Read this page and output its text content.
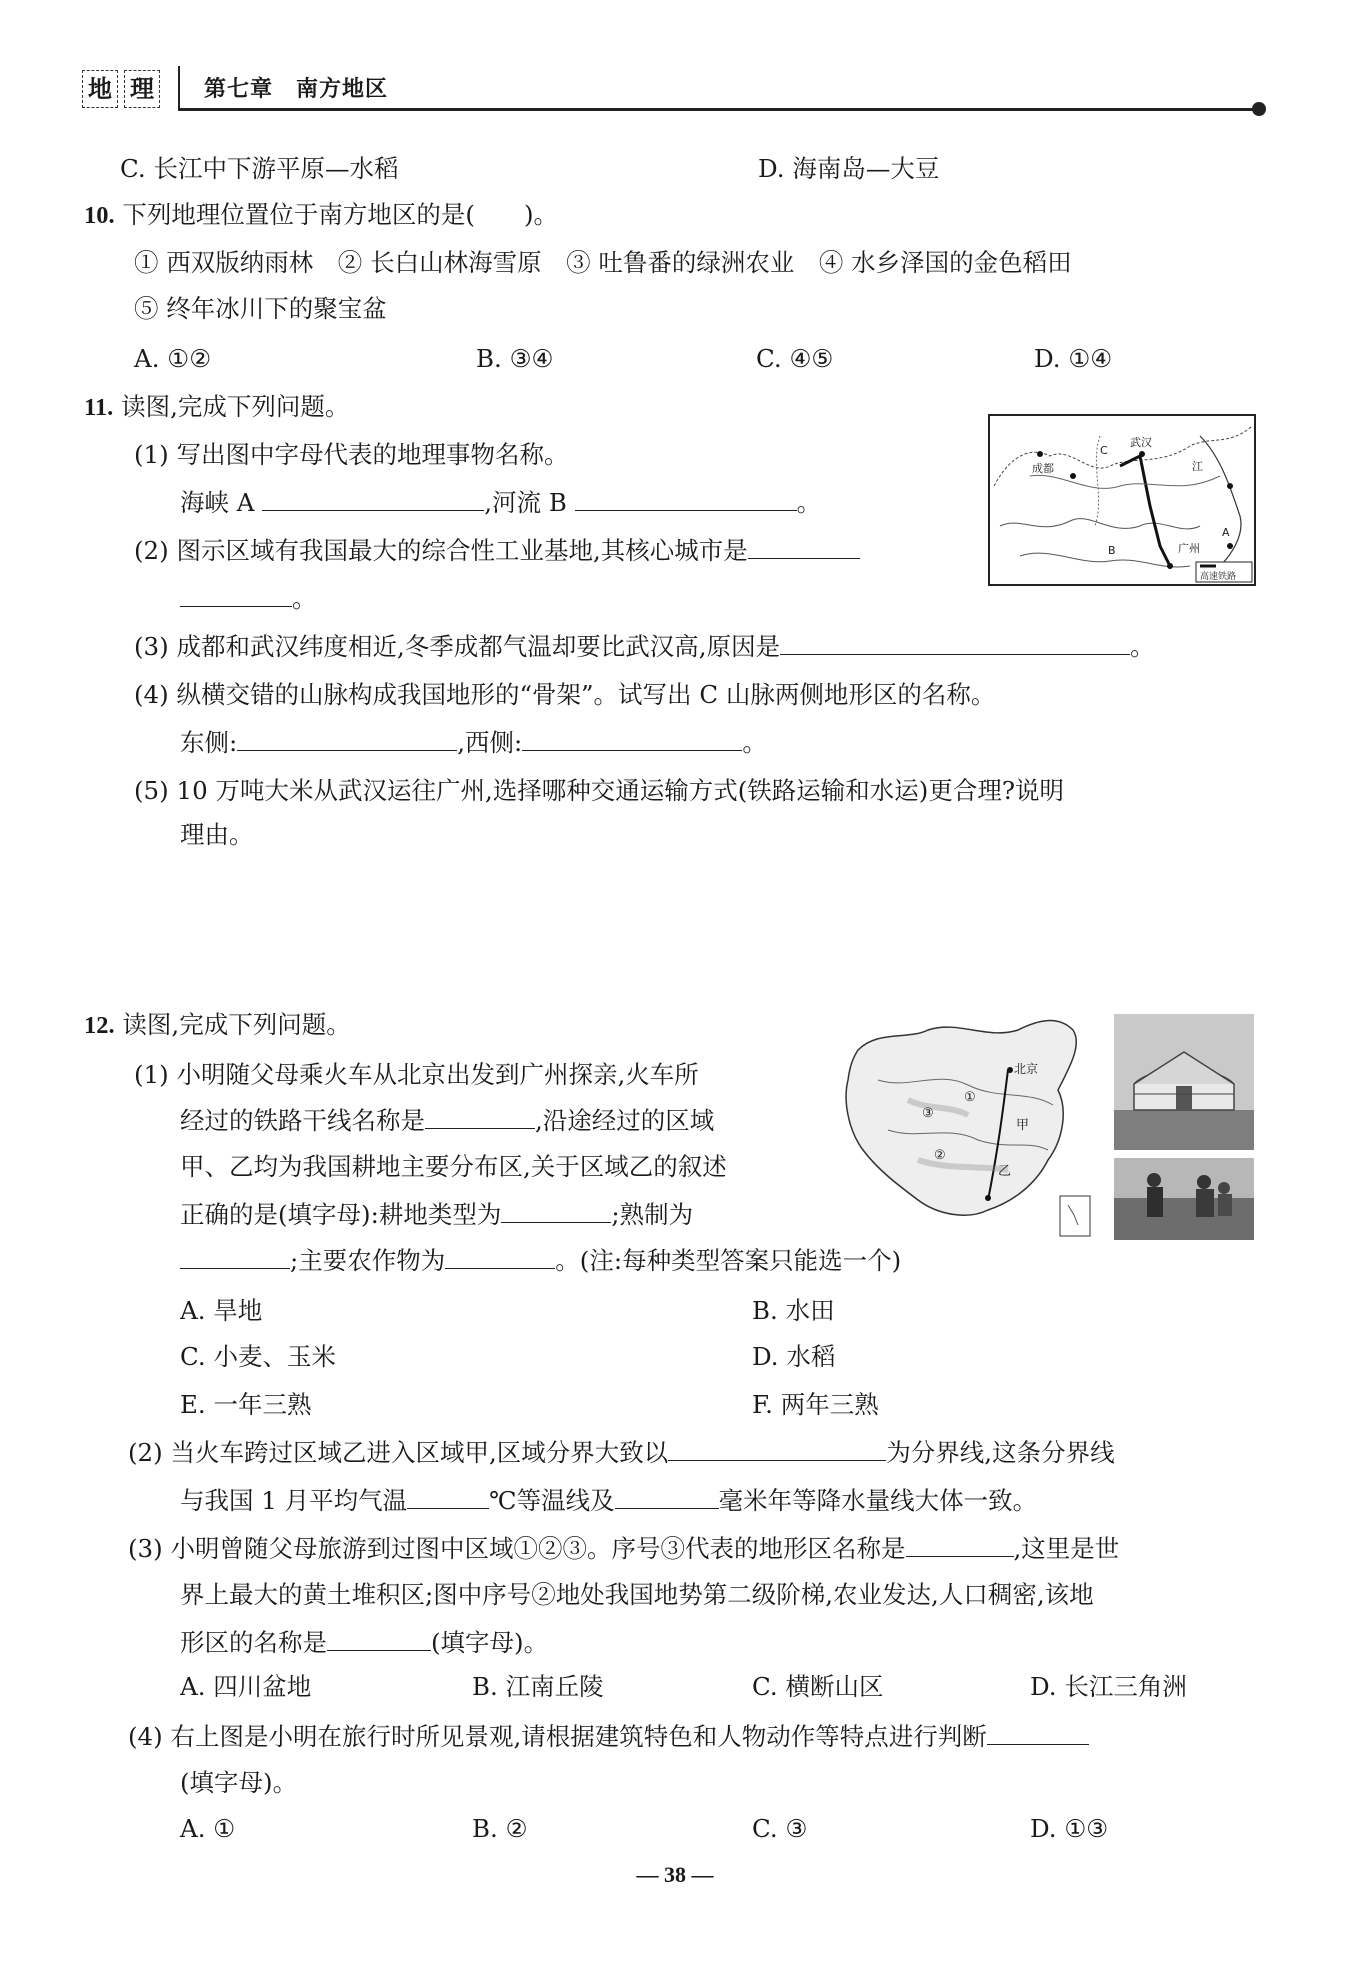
地 理 第七章　南方地区
C. 长江中下游平原—水稻	D. 海南岛—大豆
10. 下列地理位置位于南方地区的是(　　)。
① 西双版纳雨林　② 长白山林海雪原　③ 吐鲁番的绿洲农业　④ 水乡泽国的金色稻田
⑤ 终年冰川下的聚宝盆
A. ①②	B. ③④	C. ④⑤	D. ①④
11. 读图,完成下列问题。
(1) 写出图中字母代表的地理事物名称。
海峡 A	,河流 B	。
(2) 图示区域有我国最大的综合性工业基地,其核心城市是
。
(3) 成都和武汉纬度相近,冬季成都气温却要比武汉高,原因是	。
(4) 纵横交错的山脉构成我国地形的“骨架”。试写出 C 山脉两侧地形区的名称。
东侧:	,西侧:	。
(5) 10 万吨大米从武汉运往广州,选择哪种交通运输方式(铁路运输和水运)更合理?说明
理由。
成都
武汉
广州
C
B
A
江
高速铁路
12. 读图,完成下列问题。
(1) 小明随父母乘火车从北京出发到广州探亲,火车所
经过的铁路干线名称是	,沿途经过的区域
甲、乙均为我国耕地主要分布区,关于区域乙的叙述
正确的是(填字母):耕地类型为	;熟制为
;主要农作物为	。(注:每种类型答案只能选一个)
A. 旱地	B. 水田
C. 小麦、玉米	D. 水稻
E. 一年三熟	F. 两年三熟
(2) 当火车跨过区域乙进入区域甲,区域分界大致以	为分界线,这条分界线
与我国 1 月平均气温	℃等温线及	毫米年等降水量线大体一致。
(3) 小明曾随父母旅游到过图中区域①②③。序号③代表的地形区名称是	,这里是世
界上最大的黄土堆积区;图中序号②地处我国地势第二级阶梯,农业发达,人口稠密,该地
形区的名称是	(填字母)。
A. 四川盆地	B. 江南丘陵	C. 横断山区	D. 长江三角洲
(4) 右上图是小明在旅行时所见景观,请根据建筑特色和人物动作等特点进行判断
(填字母)。
A. ①	B. ②	C. ③	D. ①③
北京
①
②
③
甲
乙
— 38 —
